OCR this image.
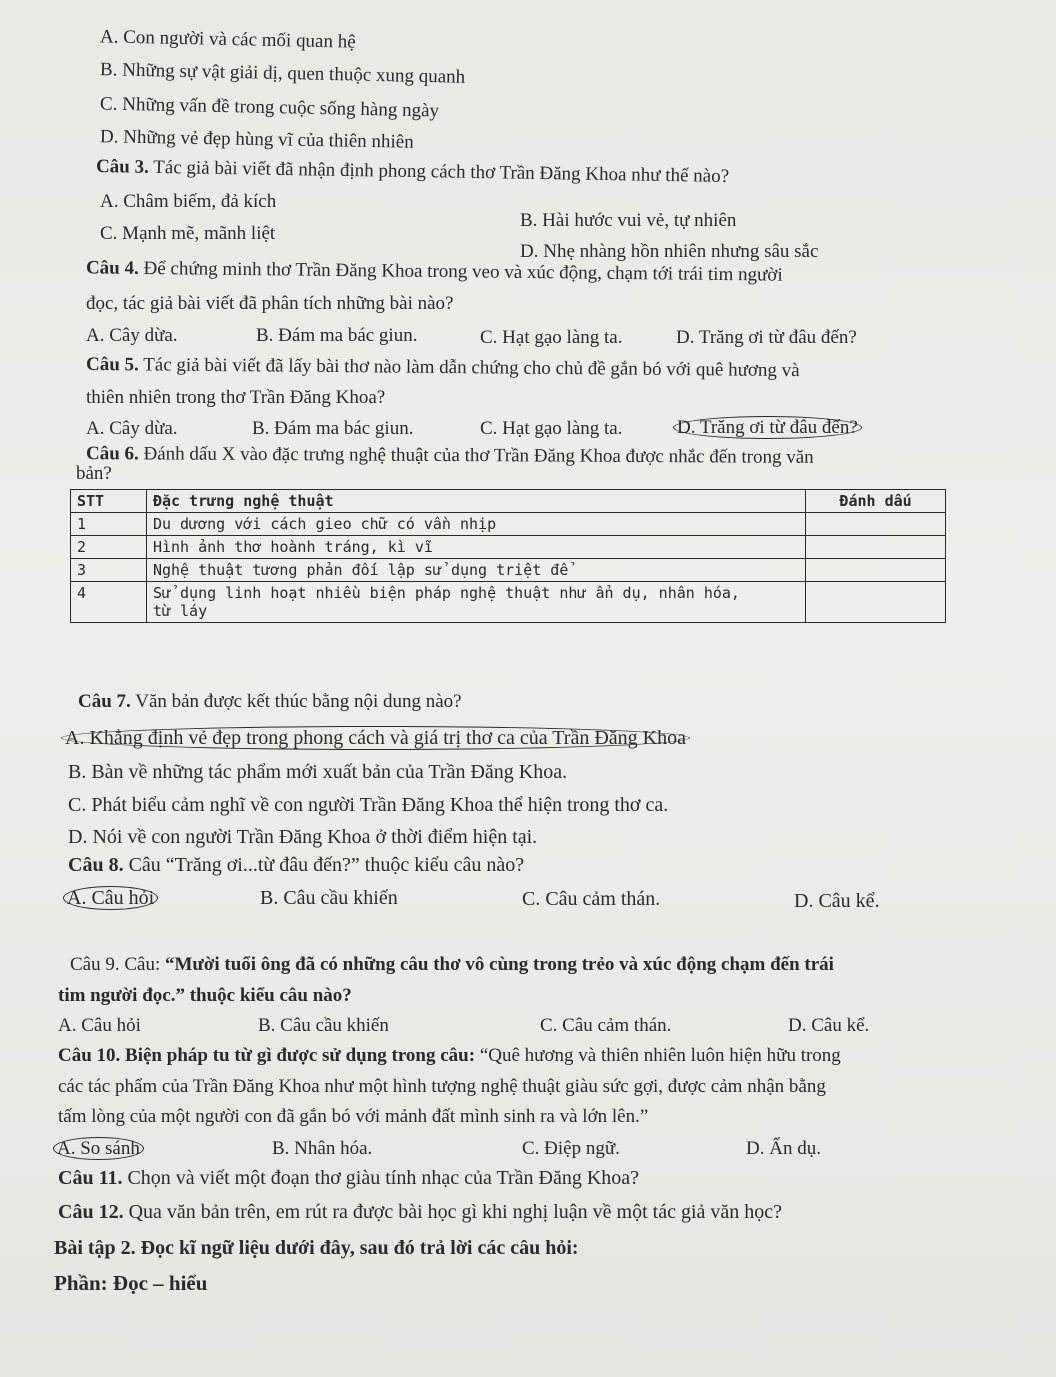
A. Con người và các mối quan hệ
B. Những sự vật giải dị, quen thuộc xung quanh
C. Những vấn đề trong cuộc sống hàng ngày
D. Những vẻ đẹp hùng vĩ của thiên nhiên
Câu 3. Tác giả bài viết đã nhận định phong cách thơ Trần Đăng Khoa như thế nào?
A. Châm biếm, đả kích
B. Hài hước vui vẻ, tự nhiên
C. Mạnh mẽ, mãnh liệt
D. Nhẹ nhàng hồn nhiên nhưng sâu sắc
Câu 4. Để chứng minh thơ Trần Đăng Khoa trong veo và xúc động, chạm tới trái tim người
đọc, tác giả bài viết đã phân tích những bài nào?
A. Cây dừa.	B. Đám ma bác giun.	C. Hạt gạo làng ta.	D. Trăng ơi từ đâu đến?
Câu 5. Tác giả bài viết đã lấy bài thơ nào làm dẫn chứng cho chủ đề gắn bó với quê hương và
thiên nhiên trong thơ Trần Đăng Khoa?
A. Cây dừa.	B. Đám ma bác giun.	C. Hạt gạo làng ta.	D. Trăng ơi từ đâu đến?
Câu 6. Đánh dấu X vào đặc trưng nghệ thuật của thơ Trần Đăng Khoa được nhắc đến trong văn
bản?
STT	Đặc trưng nghệ thuật	Đánh dấu
1	Du dương với cách gieo chữ có vần nhịp	
2	Hình ảnh thơ hoành tráng, kì vĩ	
3	Nghệ thuật tương phản đối lập sử dụng triệt để	
4	Sử dụng linh hoạt nhiều biện pháp nghệ thuật như ẩn dụ, nhân hóa,
từ láy	

Câu 7. Văn bản được kết thúc bằng nội dung nào?
A. Khẳng định vẻ đẹp trong phong cách và giá trị thơ ca của Trần Đăng Khoa
B. Bàn về những tác phẩm mới xuất bản của Trần Đăng Khoa.
C. Phát biểu cảm nghĩ về con người Trần Đăng Khoa thể hiện trong thơ ca.
D. Nói về con người Trần Đăng Khoa ở thời điểm hiện tại.
Câu 8. Câu “Trăng ơi...từ đâu đến?” thuộc kiểu câu nào?
A. Câu hỏi	B. Câu cầu khiến	C. Câu cảm thán.	D. Câu kể.
Câu 9. Câu: “Mười tuổi ông đã có những câu thơ vô cùng trong trẻo và xúc động chạm đến trái
tim người đọc.” thuộc kiểu câu nào?
A. Câu hỏi	B. Câu cầu khiến	C. Câu cảm thán.	D. Câu kể.
Câu 10. Biện pháp tu từ gì được sử dụng trong câu: “Quê hương và thiên nhiên luôn hiện hữu trong
các tác phẩm của Trần Đăng Khoa như một hình tượng nghệ thuật giàu sức gợi, được cảm nhận bằng
tấm lòng của một người con đã gắn bó với mảnh đất mình sinh ra và lớn lên.”
A. So sánh	B. Nhân hóa.	C. Điệp ngữ.	D. Ẩn dụ.
Câu 11. Chọn và viết một đoạn thơ giàu tính nhạc của Trần Đăng Khoa?
Câu 12. Qua văn bản trên, em rút ra được bài học gì khi nghị luận về một tác giả văn học?
Bài tập 2. Đọc kĩ ngữ liệu dưới đây, sau đó trả lời các câu hỏi:
Phần: Đọc – hiểu
